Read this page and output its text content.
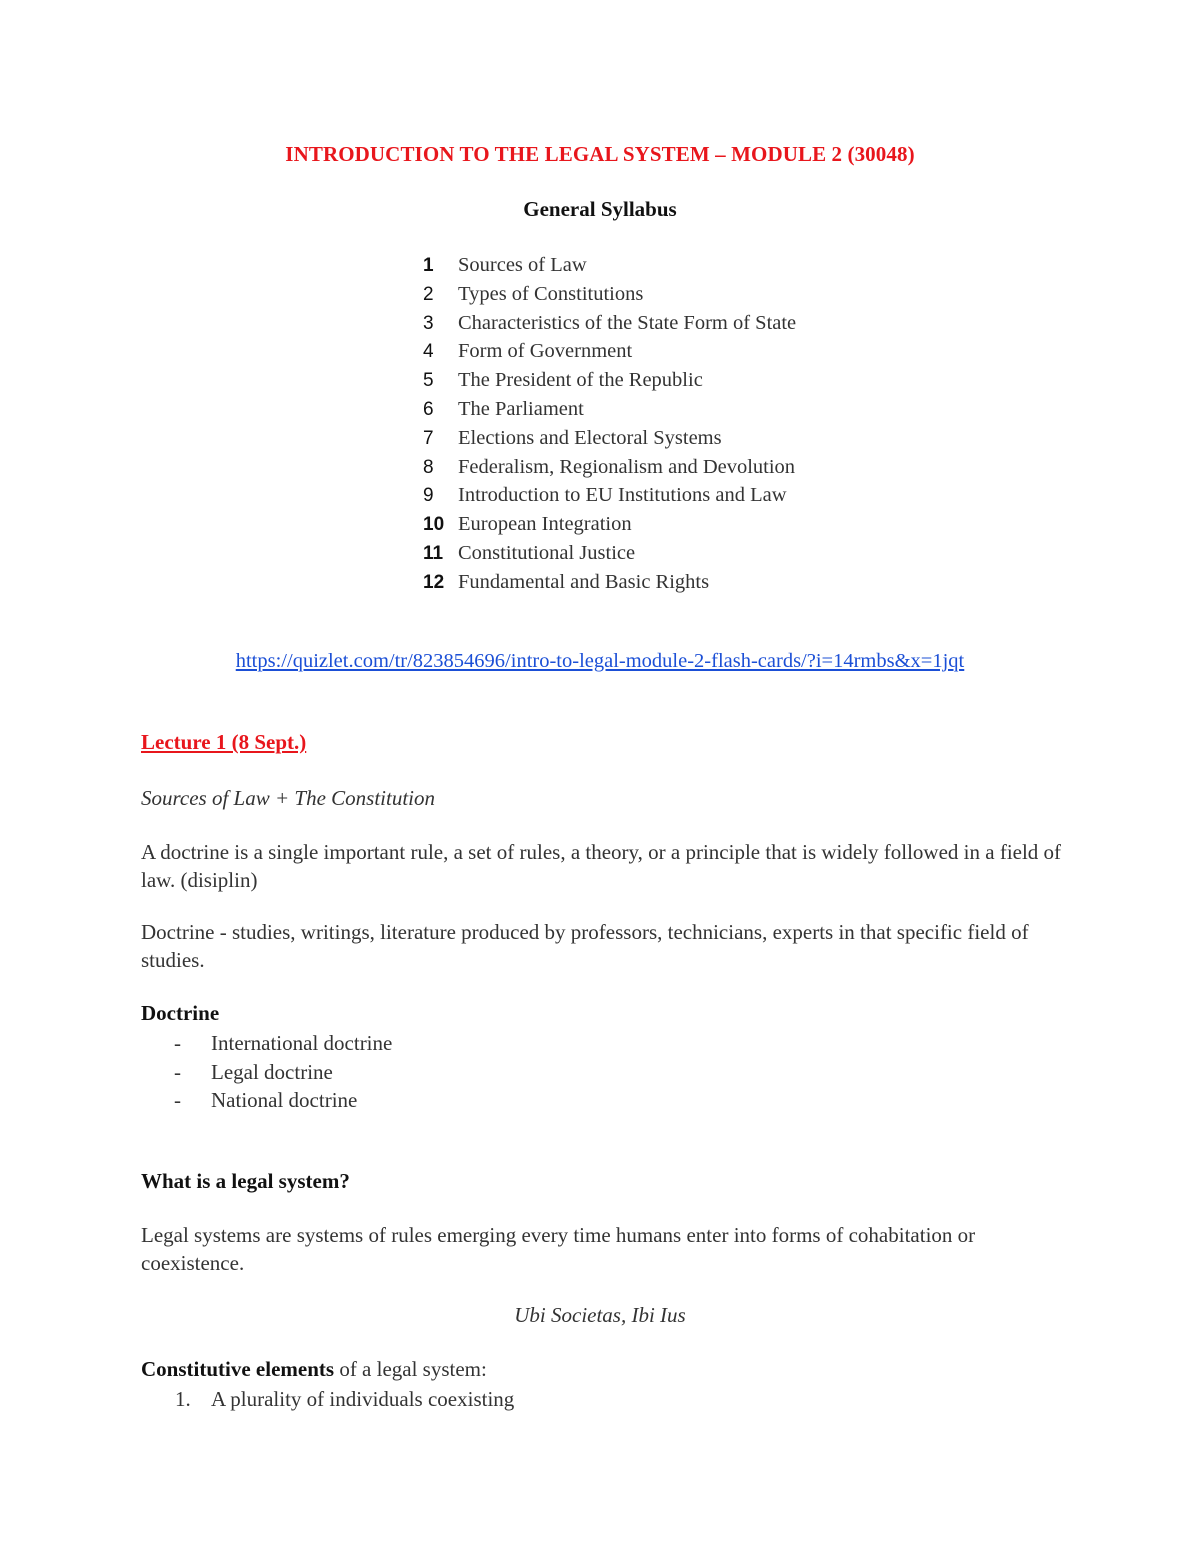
INTRODUCTION TO THE LEGAL SYSTEM – MODULE 2 (30048)
General Syllabus
1 Sources of Law
2 Types of Constitutions
3 Characteristics of the State Form of State
4 Form of Government
5 The President of the Republic
6 The Parliament
7 Elections and Electoral Systems
8 Federalism, Regionalism and Devolution
9 Introduction to EU Institutions and Law
10 European Integration
11 Constitutional Justice
12 Fundamental and Basic Rights
https://quizlet.com/tr/823854696/intro-to-legal-module-2-flash-cards/?i=14rmbs&x=1jqt
Lecture 1 (8 Sept.)
Sources of Law + The Constitution
A doctrine is a single important rule, a set of rules, a theory, or a principle that is widely followed in a field of law. (disiplin)
Doctrine - studies, writings, literature produced by professors, technicians, experts in that specific field of studies.
Doctrine
- International doctrine
- Legal doctrine
- National doctrine
What is a legal system?
Legal systems are systems of rules emerging every time humans enter into forms of cohabitation or coexistence.
Ubi Societas, Ibi Ius
Constitutive elements of a legal system:
1. A plurality of individuals coexisting
